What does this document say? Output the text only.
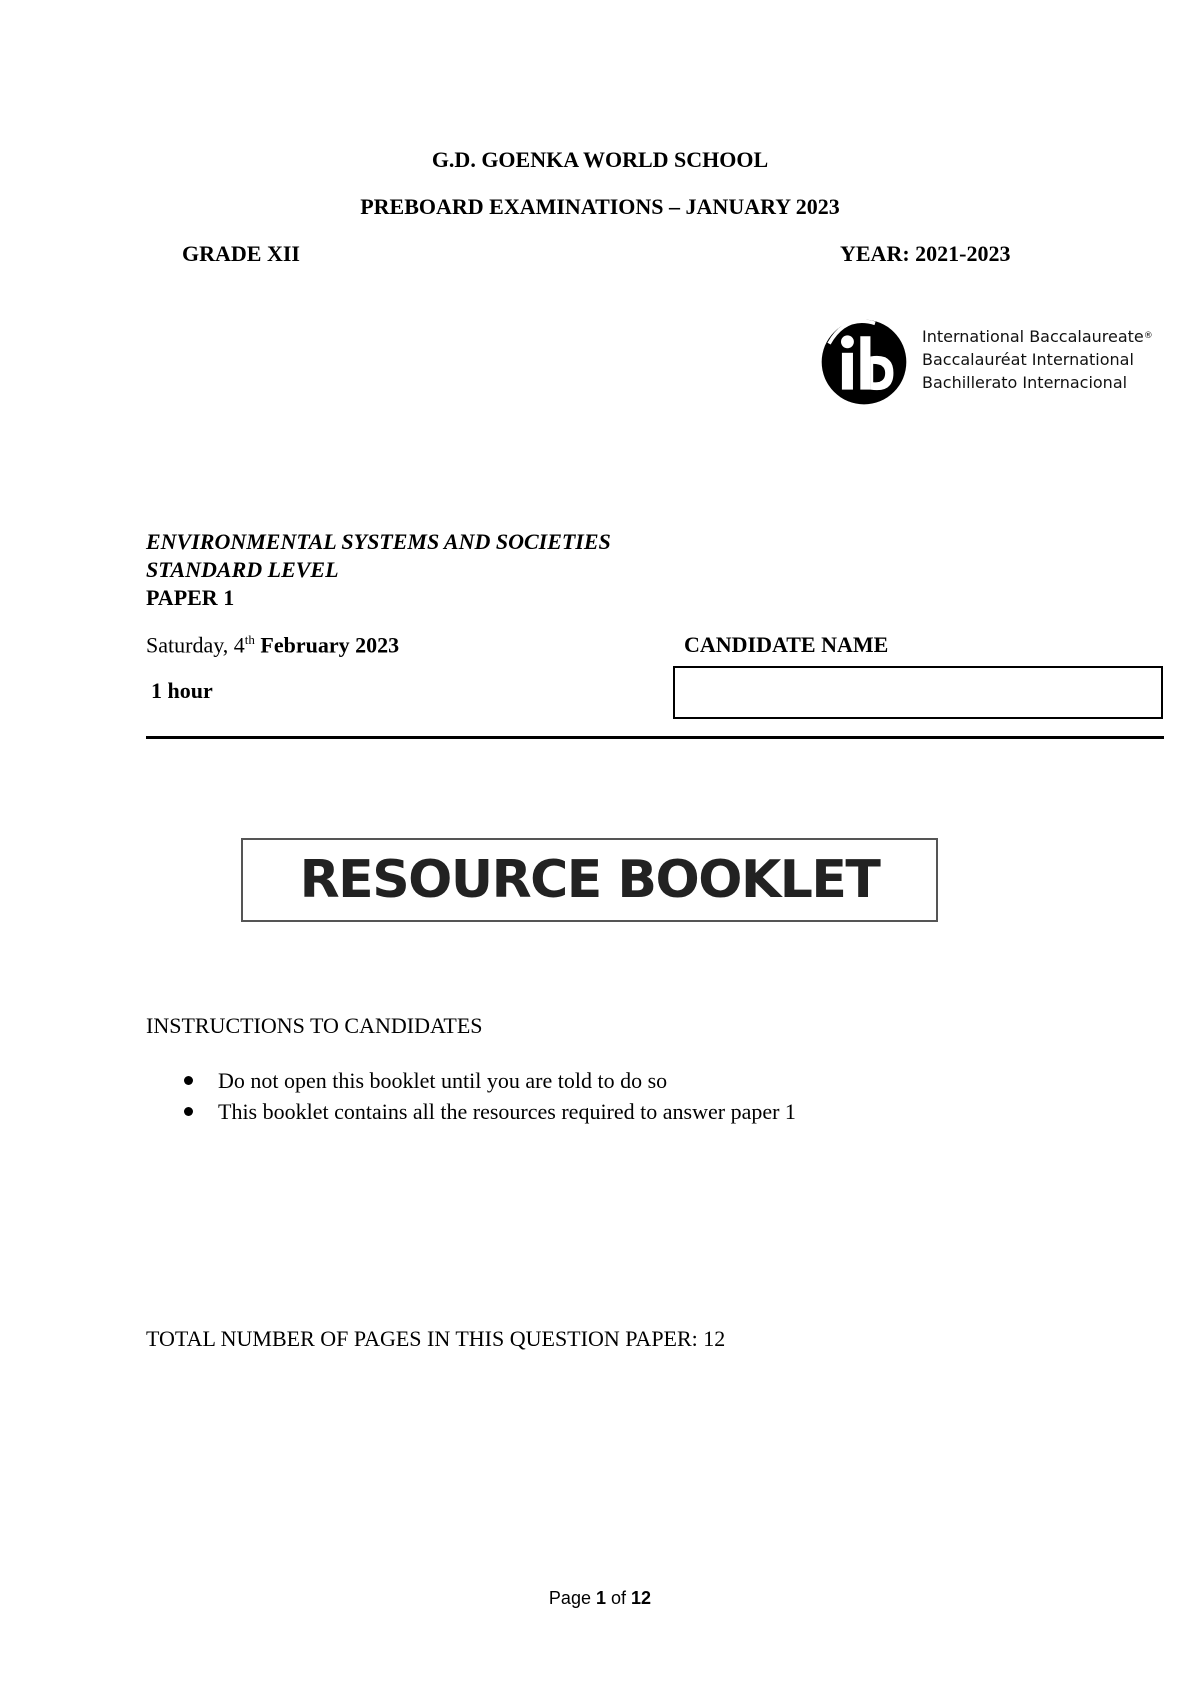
G.D. GOENKA WORLD SCHOOL
PREBOARD EXAMINATIONS – JANUARY 2023
GRADE XII	YEAR: 2021-2023
International Baccalaureate®
Baccalauréat International
Bachillerato Internacional
ENVIRONMENTAL SYSTEMS AND SOCIETIES
STANDARD LEVEL
PAPER 1
Saturday, 4th February 2023
1 hour
CANDIDATE NAME
RESOURCE BOOKLET
INSTRUCTIONS TO CANDIDATES
Do not open this booklet until you are told to do so
This booklet contains all the resources required to answer paper 1
TOTAL NUMBER OF PAGES IN THIS QUESTION PAPER: 12
Page 1 of 12
